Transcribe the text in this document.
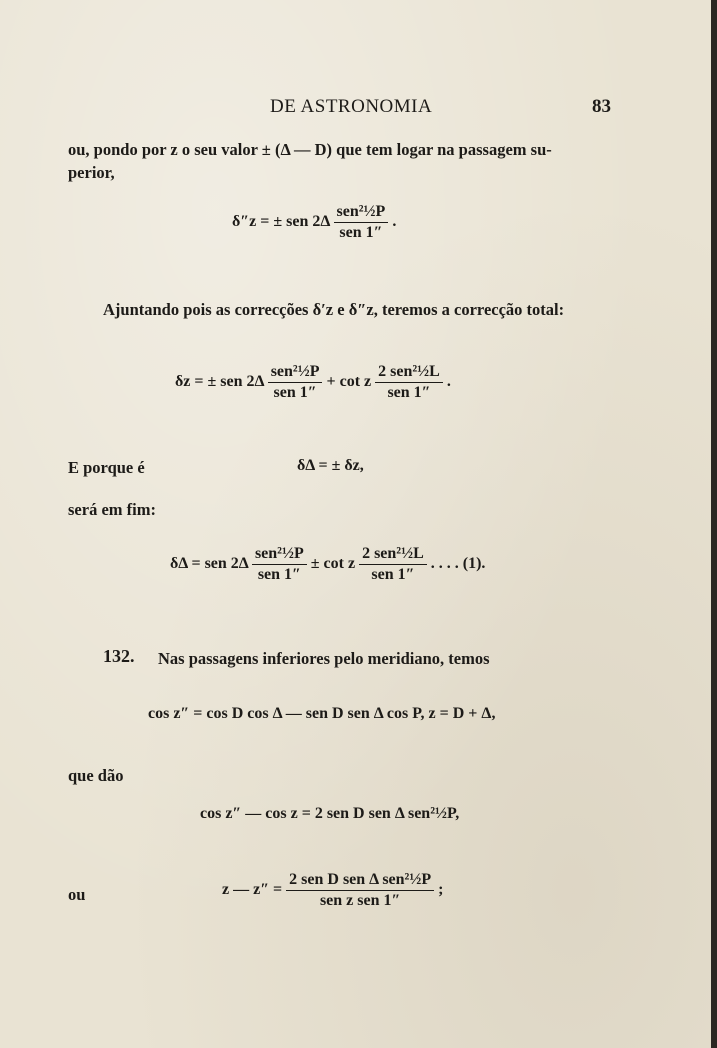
DE ASTRONOMIA	83
ou, pondo por z o seu valor ± (Δ — D) que tem logar na passagem su-
perior,
δ″z = ± sen $2\Delta \frac{\text{sen²½P}}{\text{sen 1″}}$ .
Ajuntando pois as correcções δ′z e δ″z, teremos a correcção total:
δz = ± sen $2\Delta \frac{\text{sen²½P}}{\text{sen 1″}} + \cot z \frac{\text{2 sen²½L}}{\text{sen 1″}}$ .
E porque é	δΔ = ± δz,
será em fim:
δΔ = sen $2\Delta \frac{\text{sen²½P}}{\text{sen 1″}} \pm \cot z \frac{\text{2 sen²½L}}{\text{sen 1″}}$ . . . . (1).
132. Nas passagens inferiores pelo meridiano, temos
cos z″ = cos D cos Δ — sen D sen Δ cos P, z = D + Δ,
que dão
cos z″ — cos z = 2 sen D sen Δ sen²½P,
ou	z — $z'' = \frac{\text{2 sen D sen Δ sen²½P}}{\text{sen z sen 1″}}$ ;
